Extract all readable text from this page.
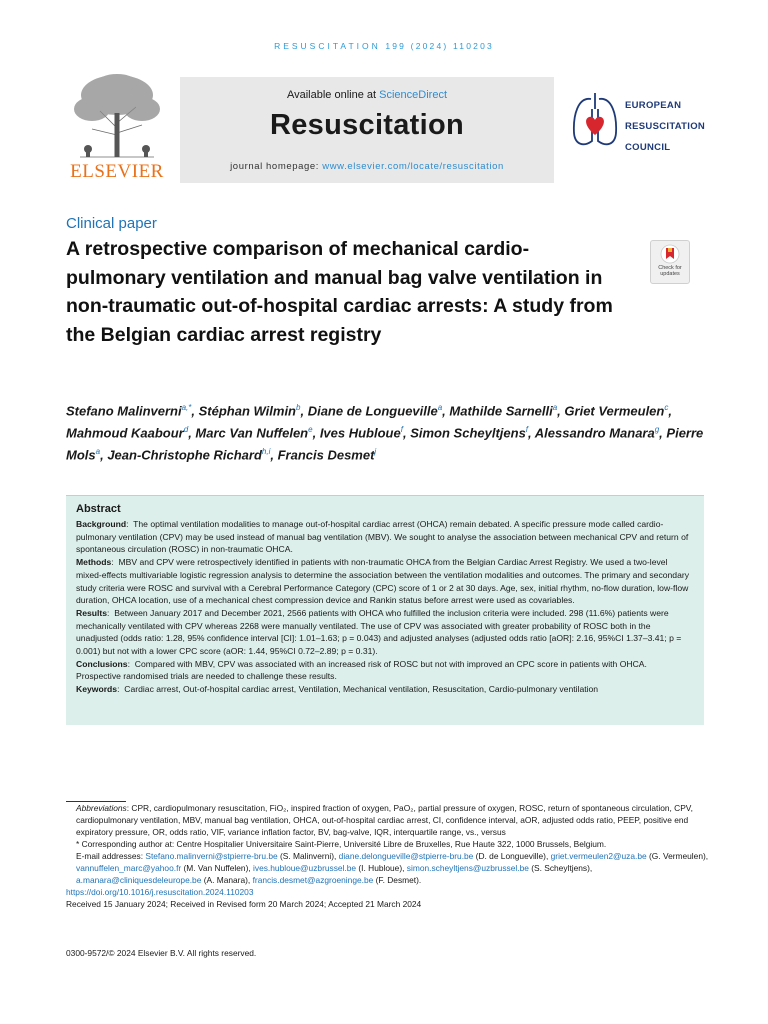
RESUSCITATION 199 (2024) 110203
ELSEVIER
Available online at ScienceDirect
Resuscitation
journal homepage: www.elsevier.com/locate/resuscitation
EUROPEAN
RESUSCITATION
COUNCIL
Clinical paper
A retrospective comparison of mechanical cardio-pulmonary ventilation and manual bag valve ventilation in non-traumatic out-of-hospital cardiac arrests: A study from the Belgian cardiac arrest registry
Check for updates
Stefano Malinverni$^{a,*}$, Stéphan Wilmin$^b$, Diane de Longueville$^a$, Mathilde Sarnelli$^a$, Griet Vermeulen$^c$, Mahmoud Kaabour$^d$, Marc Van Nuffelen$^e$, Ives Hubloue$^f$, Simon Scheyltjens$^f$, Alessandro Manara$^g$, Pierre Mols$^a$, Jean-Christophe Richard$^{h,i}$, Francis Desmet$^j$
Abstract

Background:  The optimal ventilation modalities to manage out-of-hospital cardiac arrest (OHCA) remain debated. A specific pressure mode called cardio-pulmonary ventilation (CPV) may be used instead of manual bag ventilation (MBV). We sought to analyse the association between mechanical CPV and return of spontaneous circulation (ROSC) in non-traumatic OHCA.

Methods:  MBV and CPV were retrospectively identified in patients with non-traumatic OHCA from the Belgian Cardiac Arrest Registry. We used a two-level mixed-effects multivariable logistic regression analysis to determine the association between the ventilation modalities and outcomes. The primary and secondary study criteria were ROSC and survival with a Cerebral Performance Category (CPC) score of 1 or 2 at 30 days. Age, sex, initial rhythm, no-flow duration, low-flow duration, OHCA location, use of a mechanical chest compression device and Rankin status before arrest were used as covariables.

Results:  Between January 2017 and December 2021, 2566 patients with OHCA who fulfilled the inclusion criteria were included. 298 (11.6%) patients were mechanically ventilated with CPV whereas 2268 were manually ventilated. The use of CPV was associated with greater probability of ROSC both in the unadjusted (odds ratio: 1.28, 95% confidence interval [CI]: 1.01–1.63; p = 0.043) and adjusted analyses (adjusted odds ratio [aOR]: 2.16, 95%CI 1.37–3.41; p = 0.001) but not with a lower CPC score (aOR: 1.44, 95%CI 0.72–2.89; p = 0.31).

Conclusions:  Compared with MBV, CPV was associated with an increased risk of ROSC but not with improved an CPC score in patients with OHCA. Prospective randomised trials are needed to challenge these results.

Keywords:  Cardiac arrest, Out-of-hospital cardiac arrest, Ventilation, Mechanical ventilation, Resuscitation, Cardio-pulmonary ventilation

Abbreviations: CPR, cardiopulmonary resuscitation, FiO₂, inspired fraction of oxygen, PaO₂, partial pressure of oxygen, ROSC, return of spontaneous circulation, CPV, cardiopulmonary ventilation, MBV, manual bag ventilation, OHCA, out-of-hospital cardiac arrest, CI, confidence interval, aOR, adjusted odds ratio, PEEP, positive end expiratory pressure, OR, odds ratio, VIF, variance inflation factor, BV, bag-valve, IQR, interquartile range, vs., versus

* Corresponding author at: Centre Hospitalier Universitaire Saint-Pierre, Université Libre de Bruxelles, Rue Haute 322, 1000 Brussels, Belgium.

E-mail addresses: Stefano.malinverni@stpierre-bru.be (S. Malinverni), diane.delongueville@stpierre-bru.be (D. de Longueville), griet.vermeulen2@uza.be (G. Vermeulen), vannuffelen_marc@yahoo.fr (M. Van Nuffelen), ives.hubloue@uzbrussel.be (I. Hubloue), simon.scheyltjens@uzbrussel.be (S. Scheyltjens), a.manara@cliniquesdeleurope.be (A. Manara), francis.desmet@azgroeninge.be (F. Desmet).

https://doi.org/10.1016/j.resuscitation.2024.110203

Received 15 January 2024; Received in Revised form 20 March 2024; Accepted 21 March 2024

0300-9572/© 2024 Elsevier B.V. All rights reserved.
